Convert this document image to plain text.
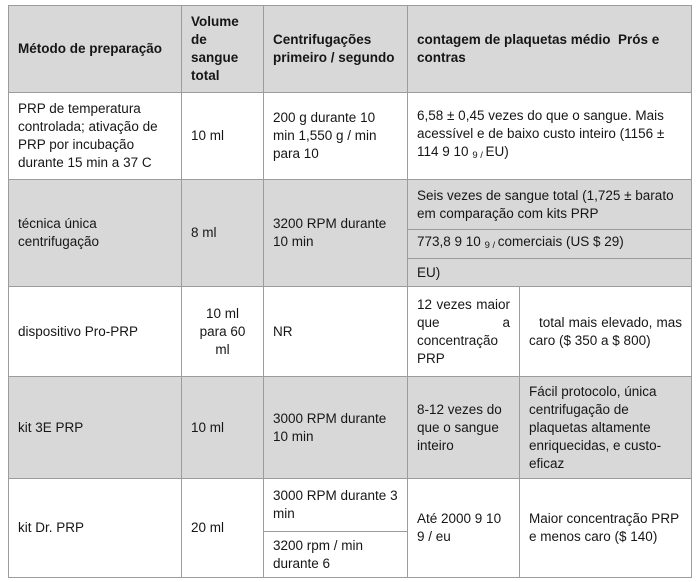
Método de preparação
Volume de sangue total
Centrifugações primeiro / segundo
contagem de plaquetas médio  Prós e contras
PRP de temperatura controlada; ativação de PRP por incubação durante 15 min a 37 C
10 ml
200 g durante 10 min 1,550 g / min para 10
6,58 ± 0,45 vezes do que o sangue. Mais acessível e de baixo custo inteiro (1156 ± 114 9 10 $_{9 /}$ EU)
técnica única centrifugação
8 ml
3200 RPM durante 10 min
Seis vezes de sangue total (1,725 ± barato em comparação com kits PRP
773,8 9 10 $_{9 /}$ comerciais (US $ 29)
EU)
dispositivo Pro-PRP
10 ml para 60 ml
NR
12 vezes maior que a concentração PRP
total mais elevado, mas caro ($ 350 a $ 800)
kit 3E PRP	10 ml
3000 RPM durante 10 min
8-12 vezes do que o sangue inteiro
Fácil protocolo, única centrifugação de plaquetas altamente enriquecidas, e custo-eficaz
kit Dr. PRP	20 ml
3000 RPM durante 3 min
3200 rpm / min durante 6
Até 2000 9 10 9 / eu
Maior concentração PRP e menos caro ($ 140)
